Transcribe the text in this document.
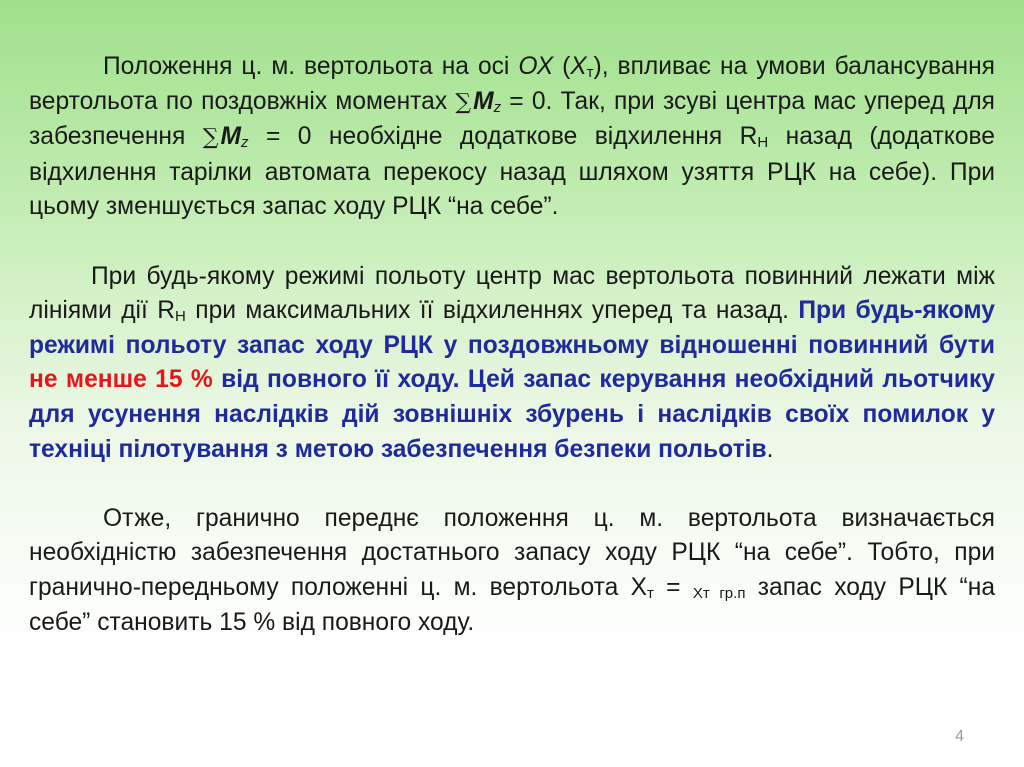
Положення ц. м. вертольота на осі ОХ $(Х_т)$, впливає на умови балансування вертольота по поздовжніх моментах $\sum M_z = 0$. Так, при зсуві центра мас уперед для забезпечення $\sum M_z = 0$ необхідне додаткове відхилення $R_H$ назад (додаткове відхилення тарілки автомата перекосу назад шляхом узяття РЦК на себе). При цьому зменшується запас ходу РЦК “на себе”.

При будь-якому режимі польоту центр мас вертольота повинний лежати між лініями дії $R_H$ при максимальних її відхиленнях уперед та назад. При будь-якому режимі польоту запас ходу РЦК у поздовжньому відношенні повинний бути не менше 15 % від повного її ходу. Цей запас керування необхідний льотчику для усунення наслідків дій зовнішніх збурень і наслідків своїх помилок у техніці пілотування з метою забезпечення безпеки польотів.

Отже, гранично переднє положення ц. м. вертольота визначається необхідністю забезпечення достатнього запасу ходу РЦК “на себе”. Тобто, при гранично-передньому положенні ц. м. вертольота $Х_т = _{Хт гр.п}$ запас ходу РЦК “на себе” становить 15 % від повного ходу.

4
